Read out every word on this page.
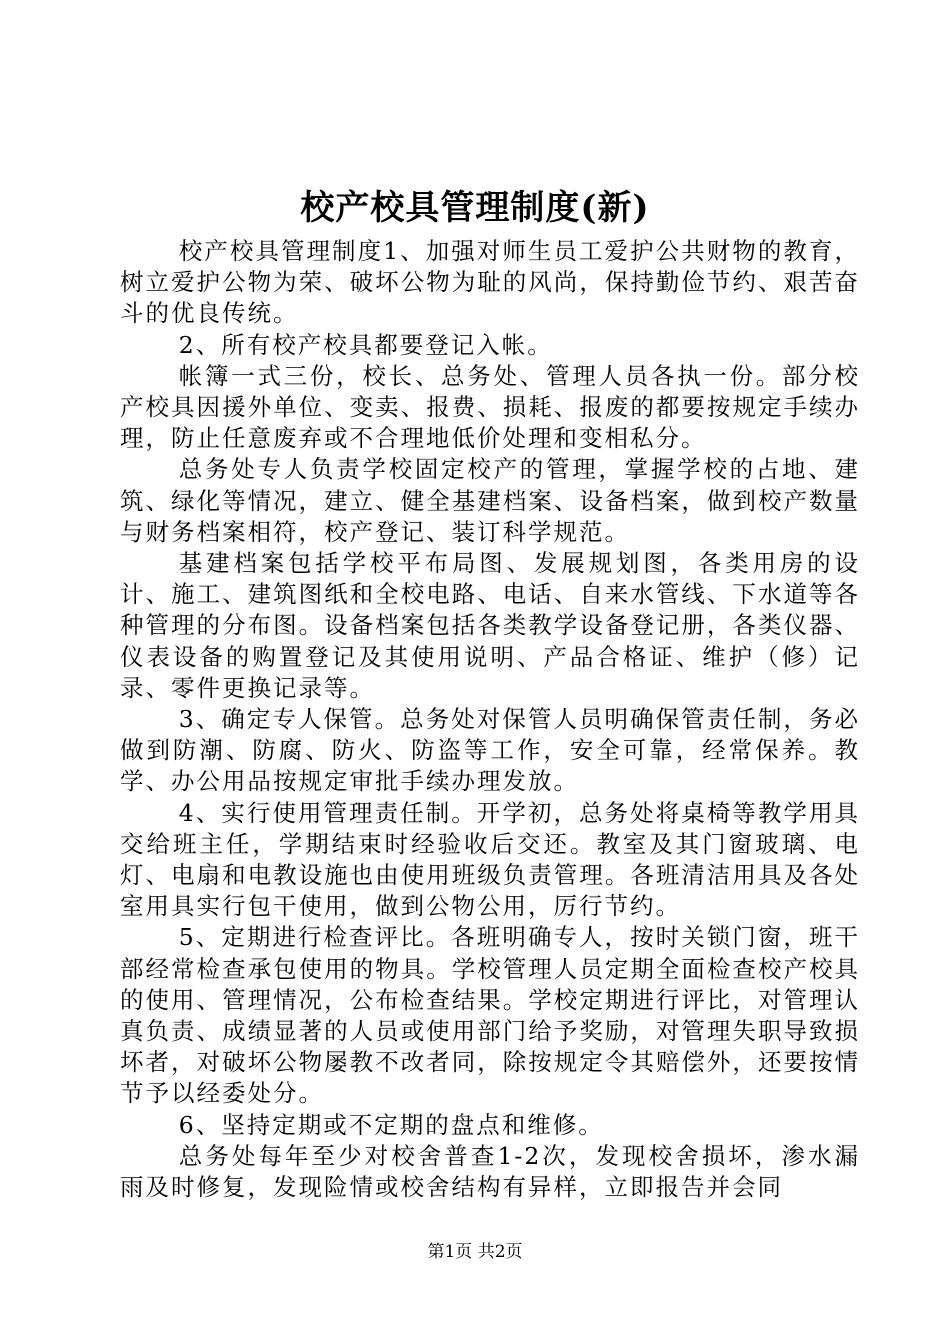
校产校具管理制度(新)

校产校具管理制度1、加强对师生员工爱护公共财物的教育，树立爱护公物为荣、破坏公物为耻的风尚，保持勤俭节约、艰苦奋斗的优良传统。

2、所有校产校具都要登记入帐。

帐簿一式三份，校长、总务处、管理人员各执一份。部分校产校具因援外单位、变卖、报费、损耗、报废的都要按规定手续办理，防止任意废弃或不合理地低价处理和变相私分。

总务处专人负责学校固定校产的管理，掌握学校的占地、建筑、绿化等情况，建立、健全基建档案、设备档案，做到校产数量与财务档案相符，校产登记、装订科学规范。

基建档案包括学校平布局图、发展规划图，各类用房的设计、施工、建筑图纸和全校电路、电话、自来水管线、下水道等各种管理的分布图。设备档案包括各类教学设备登记册，各类仪器、仪表设备的购置登记及其使用说明、产品合格证、维护（修）记录、零件更换记录等。

3、确定专人保管。总务处对保管人员明确保管责任制，务必做到防潮、防腐、防火、防盗等工作，安全可靠，经常保养。教学、办公用品按规定审批手续办理发放。

4、实行使用管理责任制。开学初，总务处将桌椅等教学用具交给班主任，学期结束时经验收后交还。教室及其门窗玻璃、电灯、电扇和电教设施也由使用班级负责管理。各班清洁用具及各处室用具实行包干使用，做到公物公用，厉行节约。

5、定期进行检查评比。各班明确专人，按时关锁门窗，班干部经常检查承包使用的物具。学校管理人员定期全面检查校产校具的使用、管理情况，公布检查结果。学校定期进行评比，对管理认真负责、成绩显著的人员或使用部门给予奖励，对管理失职导致损坏者，对破坏公物屡教不改者同，除按规定令其赔偿外，还要按情节予以经委处分。

6、坚持定期或不定期的盘点和维修。

总务处每年至少对校舍普查1-2次，发现校舍损坏，渗水漏雨及时修复，发现险情或校舍结构有异样，立即报告并会同

第1页 共2页
